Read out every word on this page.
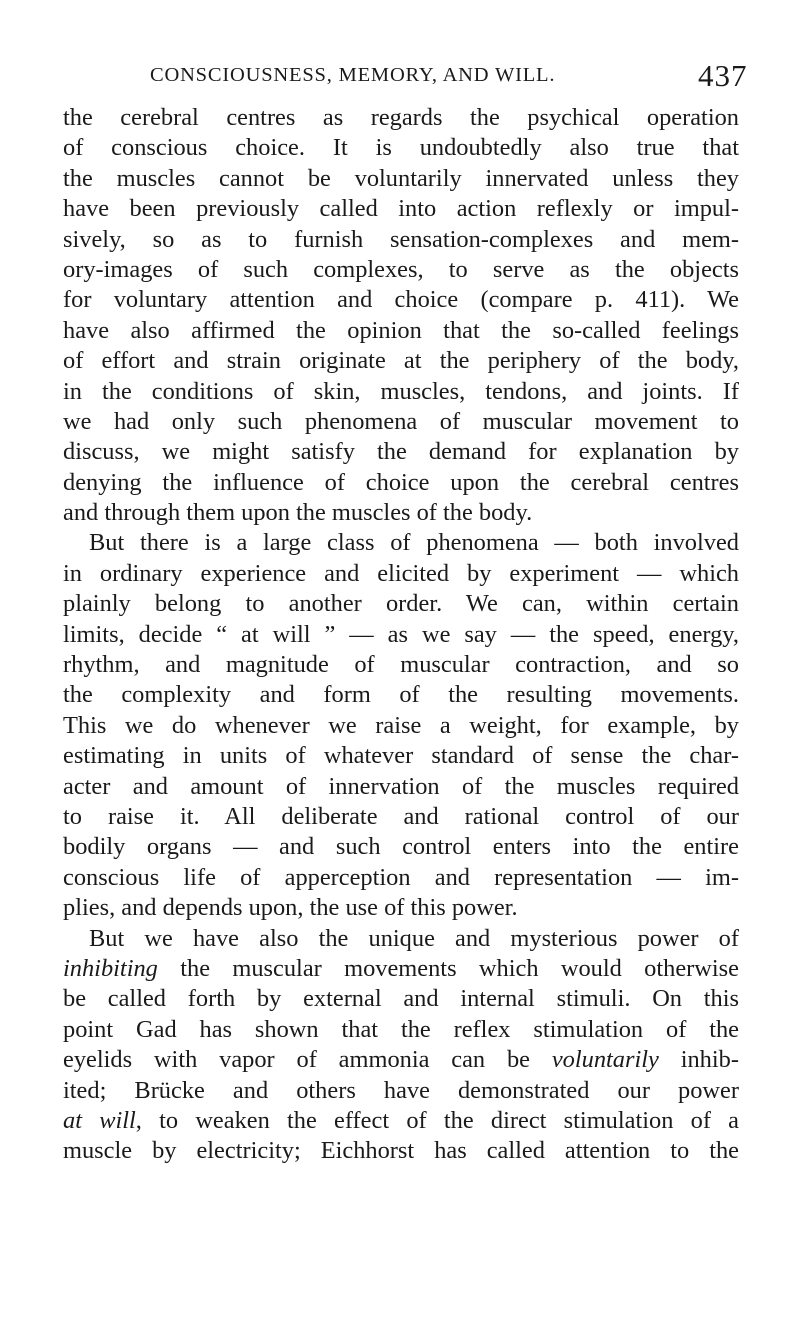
CONSCIOUSNESS, MEMORY, AND WILL.	437
the cerebral centres as regards the psychical operation
of conscious choice. It is undoubtedly also true that
the muscles cannot be voluntarily innervated unless they
have been previously called into action reflexly or impul-
sively, so as to furnish sensation-complexes and mem-
ory-images of such complexes, to serve as the objects
for voluntary attention and choice (compare p. 411). We
have also affirmed the opinion that the so-called feelings
of effort and strain originate at the periphery of the body,
in the conditions of skin, muscles, tendons, and joints. If
we had only such phenomena of muscular movement to
discuss, we might satisfy the demand for explanation by
denying the influence of choice upon the cerebral centres
and through them upon the muscles of the body.
But there is a large class of phenomena — both involved
in ordinary experience and elicited by experiment — which
plainly belong to another order. We can, within certain
limits, decide “ at will ” — as we say — the speed, energy,
rhythm, and magnitude of muscular contraction, and so
the complexity and form of the resulting movements.
This we do whenever we raise a weight, for example, by
estimating in units of whatever standard of sense the char-
acter and amount of innervation of the muscles required
to raise it. All deliberate and rational control of our
bodily organs — and such control enters into the entire
conscious life of apperception and representation — im-
plies, and depends upon, the use of this power.
But we have also the unique and mysterious power of
inhibiting the muscular movements which would otherwise
be called forth by external and internal stimuli. On this
point Gad has shown that the reflex stimulation of the
eyelids with vapor of ammonia can be voluntarily inhib-
ited; Brücke and others have demonstrated our power
at will, to weaken the effect of the direct stimulation of a
muscle by electricity; Eichhorst has called attention to the
